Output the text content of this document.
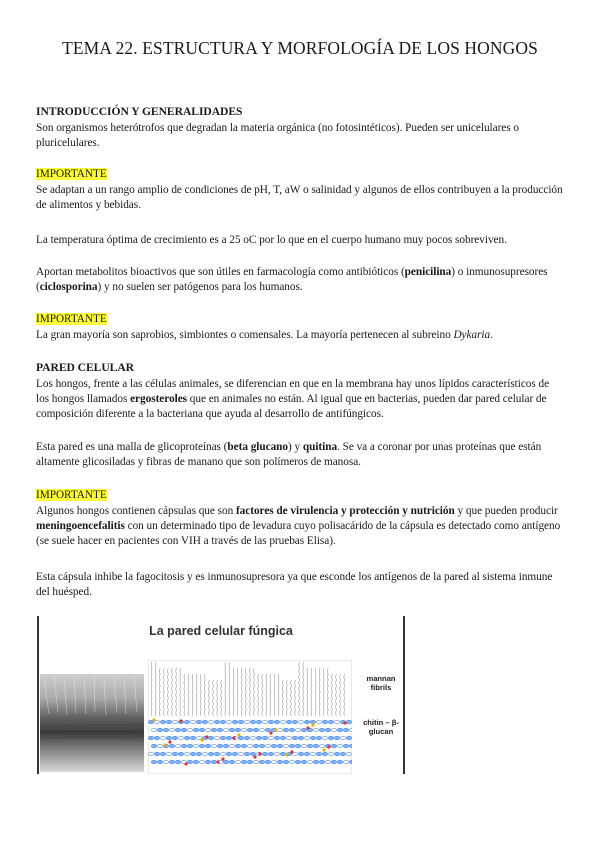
TEMA 22. ESTRUCTURA Y MORFOLOGÍA DE LOS HONGOS
INTRODUCCIÓN Y GENERALIDADES
Son organismos heterótrofos que degradan la materia orgánica (no fotosintéticos). Pueden ser unicelulares o pluricelulares.
IMPORTANTE
Se adaptan a un rango amplio de condiciones de pH, T, aW o salinidad y algunos de ellos contribuyen a la producción de alimentos y bebidas.
La temperatura óptima de crecimiento es a 25 oC por lo que en el cuerpo humano muy pocos sobreviven.
Aportan metabolitos bioactivos que son útiles en farmacología como antibióticos (penicilina) o inmunosupresores (ciclosporina) y no suelen ser patógenos para los humanos.
IMPORTANTE
La gran mayoría son saprobios, simbiontes o comensales. La mayoría pertenecen al subreino Dykaria.
PARED CELULAR
Los hongos, frente a las células animales, se diferencian en que en la membrana hay unos lípidos característicos de los hongos llamados ergosteroles que en animales no están. Al igual que en bacterias, pueden dar pared celular de composición diferente a la bacteriana que ayuda al desarrollo de antifúngicos.
Esta pared es una malla de glicoproteínas (beta glucano) y quitina. Se va a coronar por unas proteínas que están altamente glicosiladas y fibras de manano que son polímeros de manosa.
IMPORTANTE
Algunos hongos contienen cápsulas que son factores de virulencia y protección y nutrición y que pueden producir meningoencefalitis con un determinado tipo de levadura cuyo polisacárido de la cápsula es detectado como antígeno (se suele hacer en pacientes con VIH a través de las pruebas Elisa).
Esta cápsula inhibe la fagocitosis y es inmunosupresora ya que esconde los antígenos de la pared al sistema inmune del huésped.
La pared celular fúngica
mannan fibrils
chitin – β-glucan
